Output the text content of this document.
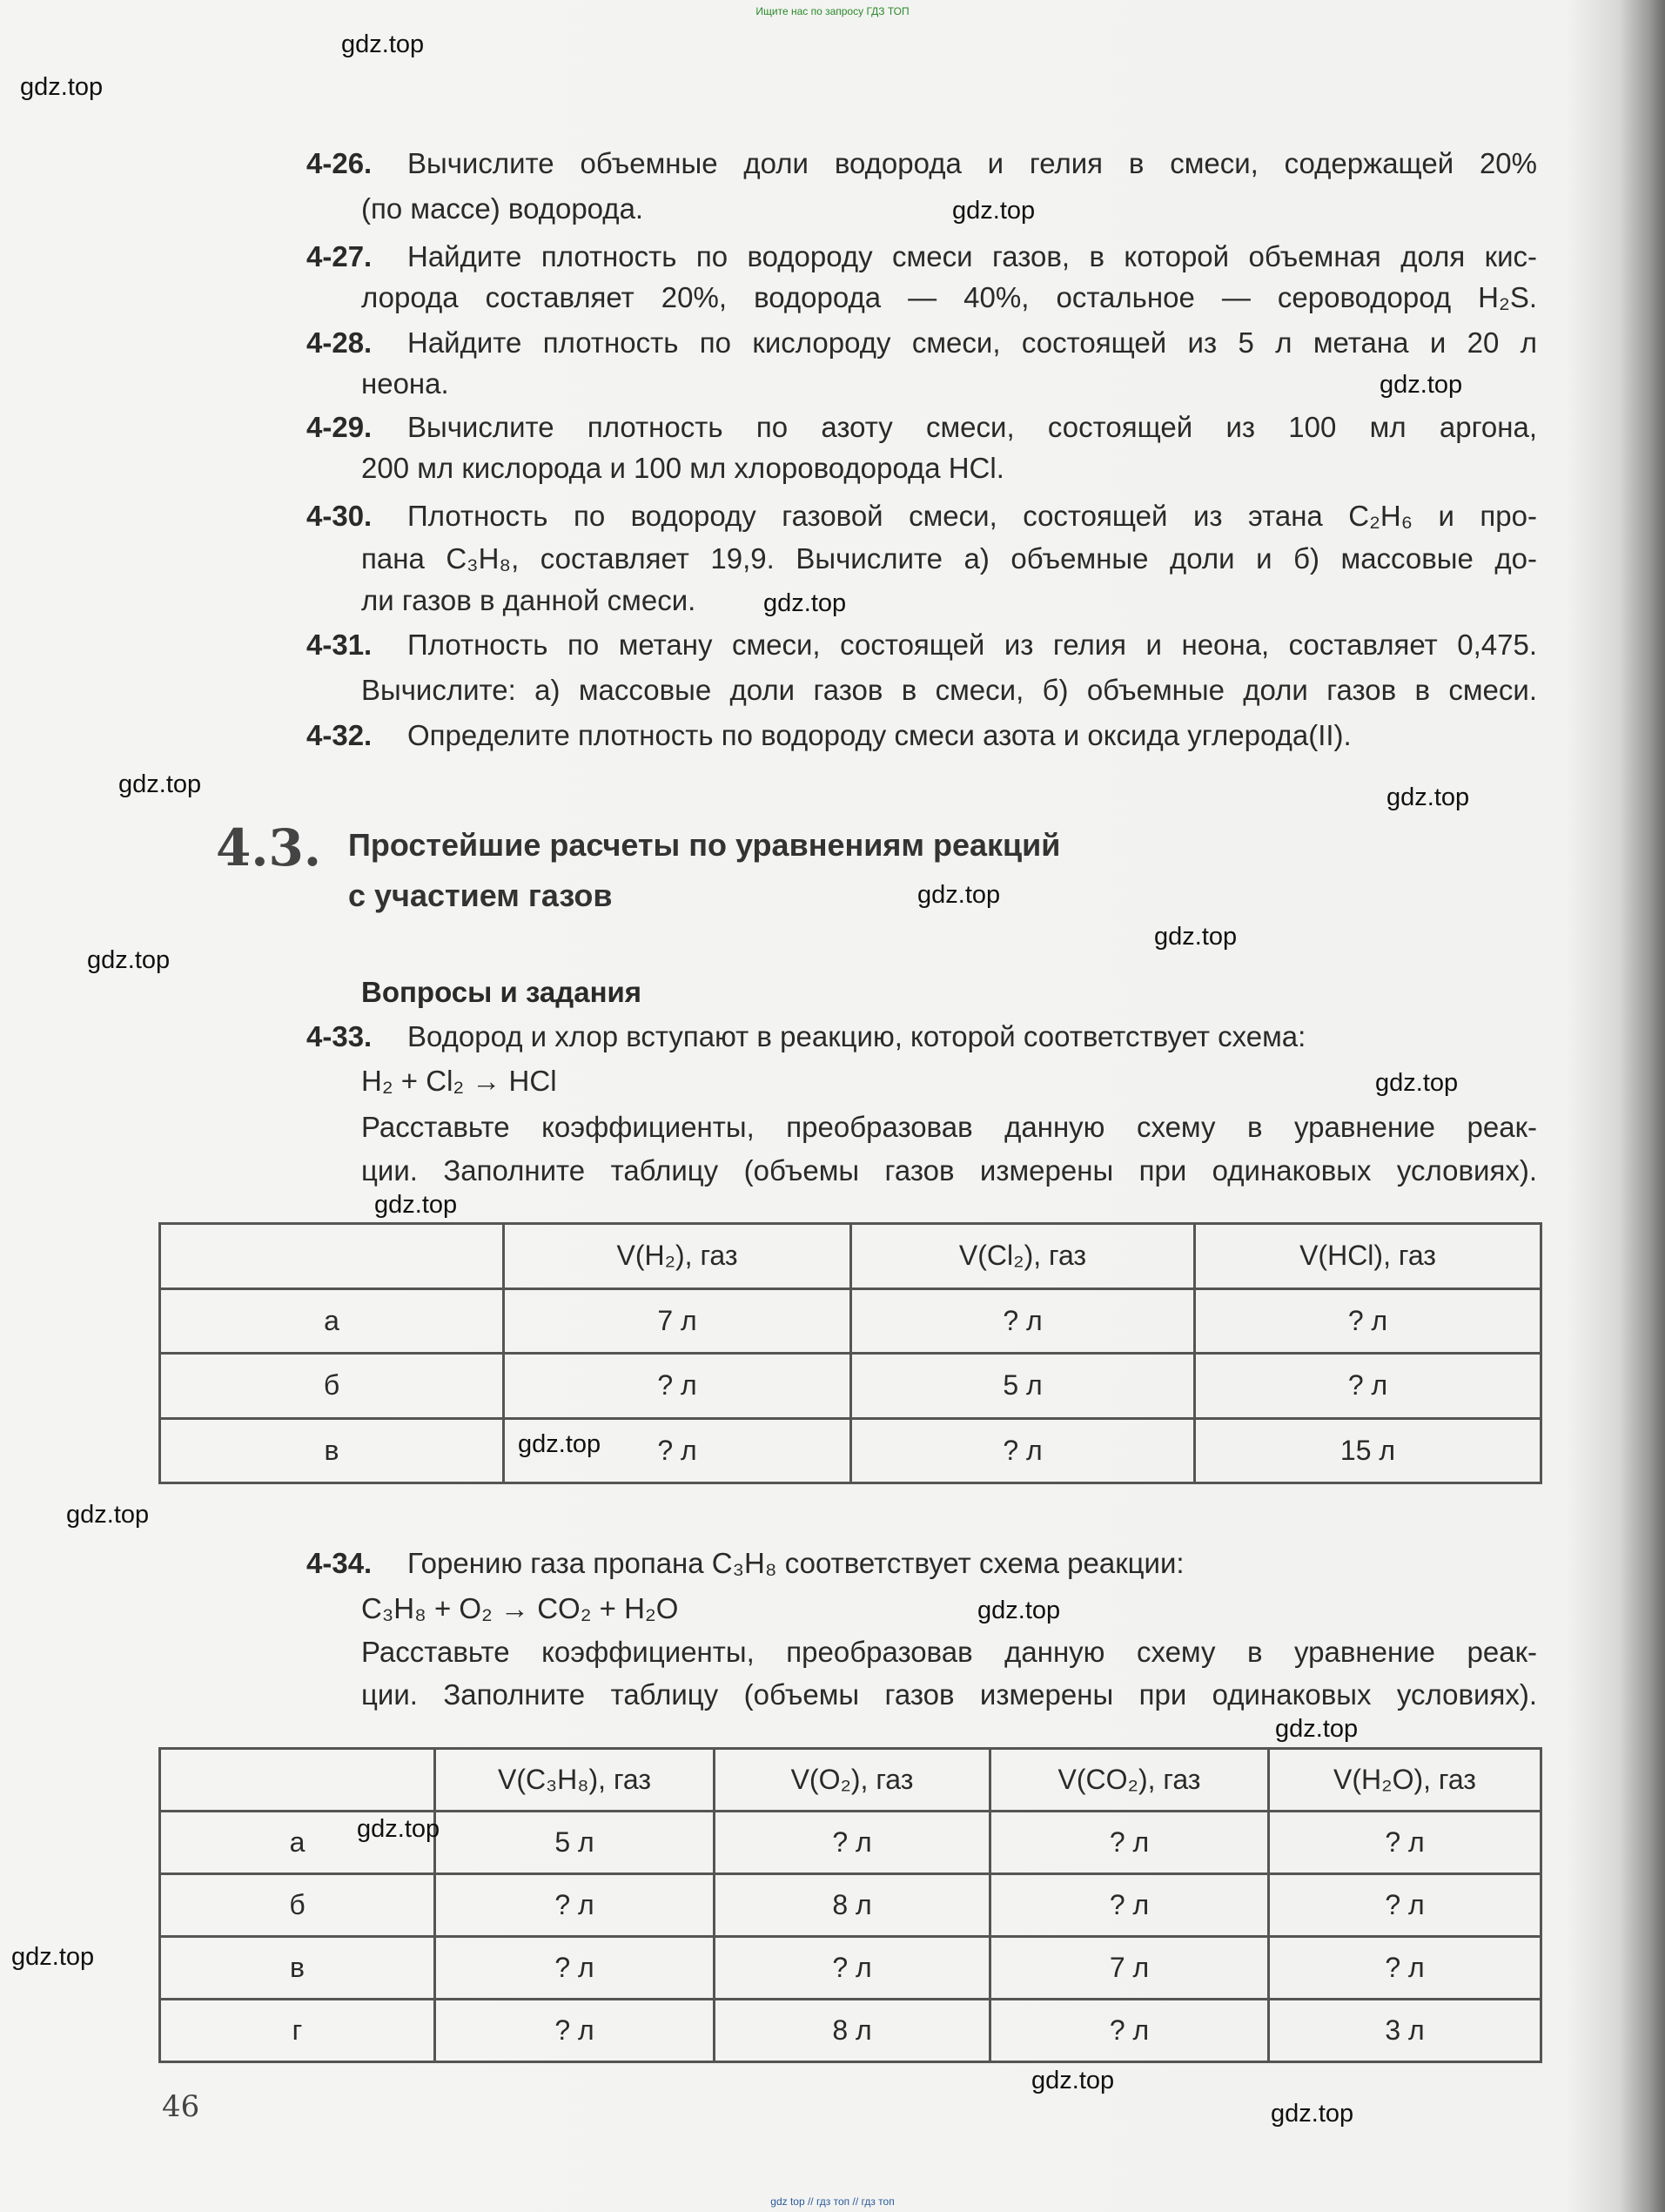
Ищите нас по запросу ГДЗ ТОП
4-26. Вычислите объемные доли водорода и гелия в смеси, содержащей 20%
(по массе) водорода.
4-27. Найдите плотность по водороду смеси газов, в которой объемная доля кис-
лорода составляет 20%, водорода — 40%, остальное — сероводород H₂S.
4-28. Найдите плотность по кислороду смеси, состоящей из 5 л метана и 20 л
неона.
4-29. Вычислите плотность по азоту смеси, состоящей из 100 мл аргона,
200 мл кислорода и 100 мл хлороводорода HCl.
4-30. Плотность по водороду газовой смеси, состоящей из этана C₂H₆ и про-
пана C₃H₈, составляет 19,9. Вычислите а) объемные доли и б) массовые до-
ли газов в данной смеси.
4-31. Плотность по метану смеси, состоящей из гелия и неона, составляет 0,475.
Вычислите: а) массовые доли газов в смеси, б) объемные доли газов в смеси.
4-32. Определите плотность по водороду смеси азота и оксида углерода(II).
4.3. Простейшие расчеты по уравнениям реакций
с участием газов
Вопросы и задания
4-33. Водород и хлор вступают в реакцию, которой соответствует схема:
H₂ + Cl₂ → HCl
Расставьте коэффициенты, преобразовав данную схему в уравнение реак-
ции. Заполните таблицу (объемы газов измерены при одинаковых условиях).
	V(H₂), газ	V(Cl₂), газ	V(HCl), газ
а	7 л	? л	? л
б	? л	5 л	? л
в	? л	? л	15 л
4-34. Горению газа пропана C₃H₈ соответствует схема реакции:
C₃H₈ + O₂ → CO₂ + H₂O
Расставьте коэффициенты, преобразовав данную схему в уравнение реак-
ции. Заполните таблицу (объемы газов измерены при одинаковых условиях).
	V(C₃H₈), газ	V(O₂), газ	V(CO₂), газ	V(H₂O), газ
а	5 л	? л	? л	? л
б	? л	8 л	? л	? л
в	? л	? л	7 л	? л
г	? л	8 л	? л	3 л
46
gdz.top
gdz.top
gdz.top
gdz.top
gdz.top
gdz.top	gdz.top
gdz.top
gdz.top
gdz.top
gdz.top
gdz.top
gdz.top
gdz.top
gdz.top
gdz.top
gdz.top
gdz.top
gdz.top
gdz.top
gdz top // гдз топ // гдз топ
